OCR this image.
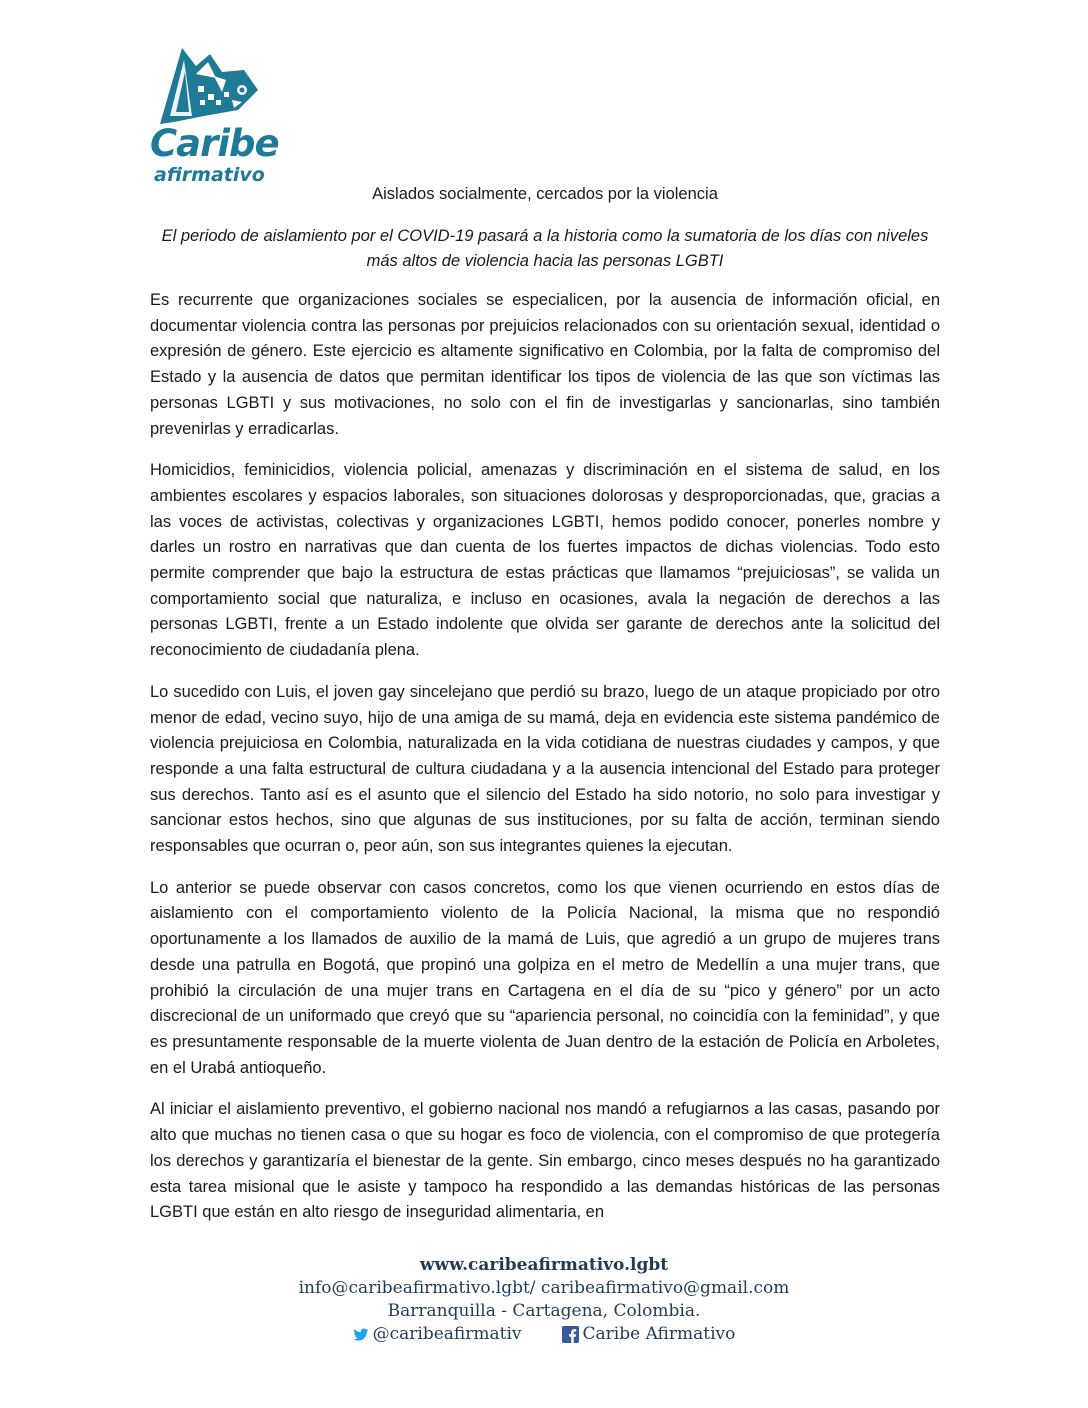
Caribe
afirmativo
Aislados socialmente, cercados por la violencia
El periodo de aislamiento por el COVID-19 pasará a la historia como la sumatoria de los días con niveles más altos de violencia hacia las personas LGBTI

Es recurrente que organizaciones sociales se especialicen, por la ausencia de información oficial, en documentar violencia contra las personas por prejuicios relacionados con su orientación sexual, identidad o expresión de género. Este ejercicio es altamente significativo en Colombia, por la falta de compromiso del Estado y la ausencia de datos que permitan identificar los tipos de violencia de las que son víctimas las personas LGBTI y sus motivaciones, no solo con el fin de investigarlas y sancionarlas, sino también prevenirlas y erradicarlas.

Homicidios, feminicidios, violencia policial, amenazas y discriminación en el sistema de salud, en los ambientes escolares y espacios laborales, son situaciones dolorosas y desproporcionadas, que, gracias a las voces de activistas, colectivas y organizaciones LGBTI, hemos podido conocer, ponerles nombre y darles un rostro en narrativas que dan cuenta de los fuertes impactos de dichas violencias. Todo esto permite comprender que bajo la estructura de estas prácticas que llamamos “prejuiciosas”, se valida un comportamiento social que naturaliza, e incluso en ocasiones, avala la negación de derechos a las personas LGBTI, frente a un Estado indolente que olvida ser garante de derechos ante la solicitud del reconocimiento de ciudadanía plena.

Lo sucedido con Luis, el joven gay sincelejano que perdió su brazo, luego de un ataque propiciado por otro menor de edad, vecino suyo, hijo de una amiga de su mamá, deja en evidencia este sistema pandémico de violencia prejuiciosa en Colombia, naturalizada en la vida cotidiana de nuestras ciudades y campos, y que responde a una falta estructural de cultura ciudadana y a la ausencia intencional del Estado para proteger sus derechos. Tanto así es el asunto que el silencio del Estado ha sido notorio, no solo para investigar y sancionar estos hechos, sino que algunas de sus instituciones, por su falta de acción, terminan siendo responsables que ocurran o, peor aún, son sus integrantes quienes la ejecutan.

Lo anterior se puede observar con casos concretos, como los que vienen ocurriendo en estos días de aislamiento con el comportamiento violento de la Policía Nacional, la misma que no respondió oportunamente a los llamados de auxilio de la mamá de Luis, que agredió a un grupo de mujeres trans desde una patrulla en Bogotá, que propinó una golpiza en el metro de Medellín a una mujer trans, que prohibió la circulación de una mujer trans en Cartagena en el día de su “pico y género” por un acto discrecional de un uniformado que creyó que su “apariencia personal, no coincidía con la feminidad”, y que es presuntamente responsable de la muerte violenta de Juan dentro de la estación de Policía en Arboletes, en el Urabá antioqueño.

Al iniciar el aislamiento preventivo, el gobierno nacional nos mandó a refugiarnos a las casas, pasando por alto que muchas no tienen casa o que su hogar es foco de violencia, con el compromiso de que protegería los derechos y garantizaría el bienestar de la gente. Sin embargo, cinco meses después no ha garantizado esta tarea misional que le asiste y tampoco ha respondido a las demandas históricas de las personas LGBTI que están en alto riesgo de inseguridad alimentaria, en

www.caribeafirmativo.lgbt
info@caribeafirmativo.lgbt/ caribeafirmativo@gmail.com
Barranquilla - Cartagena, Colombia.
@caribeafirmativ	Caribe Afirmativo
